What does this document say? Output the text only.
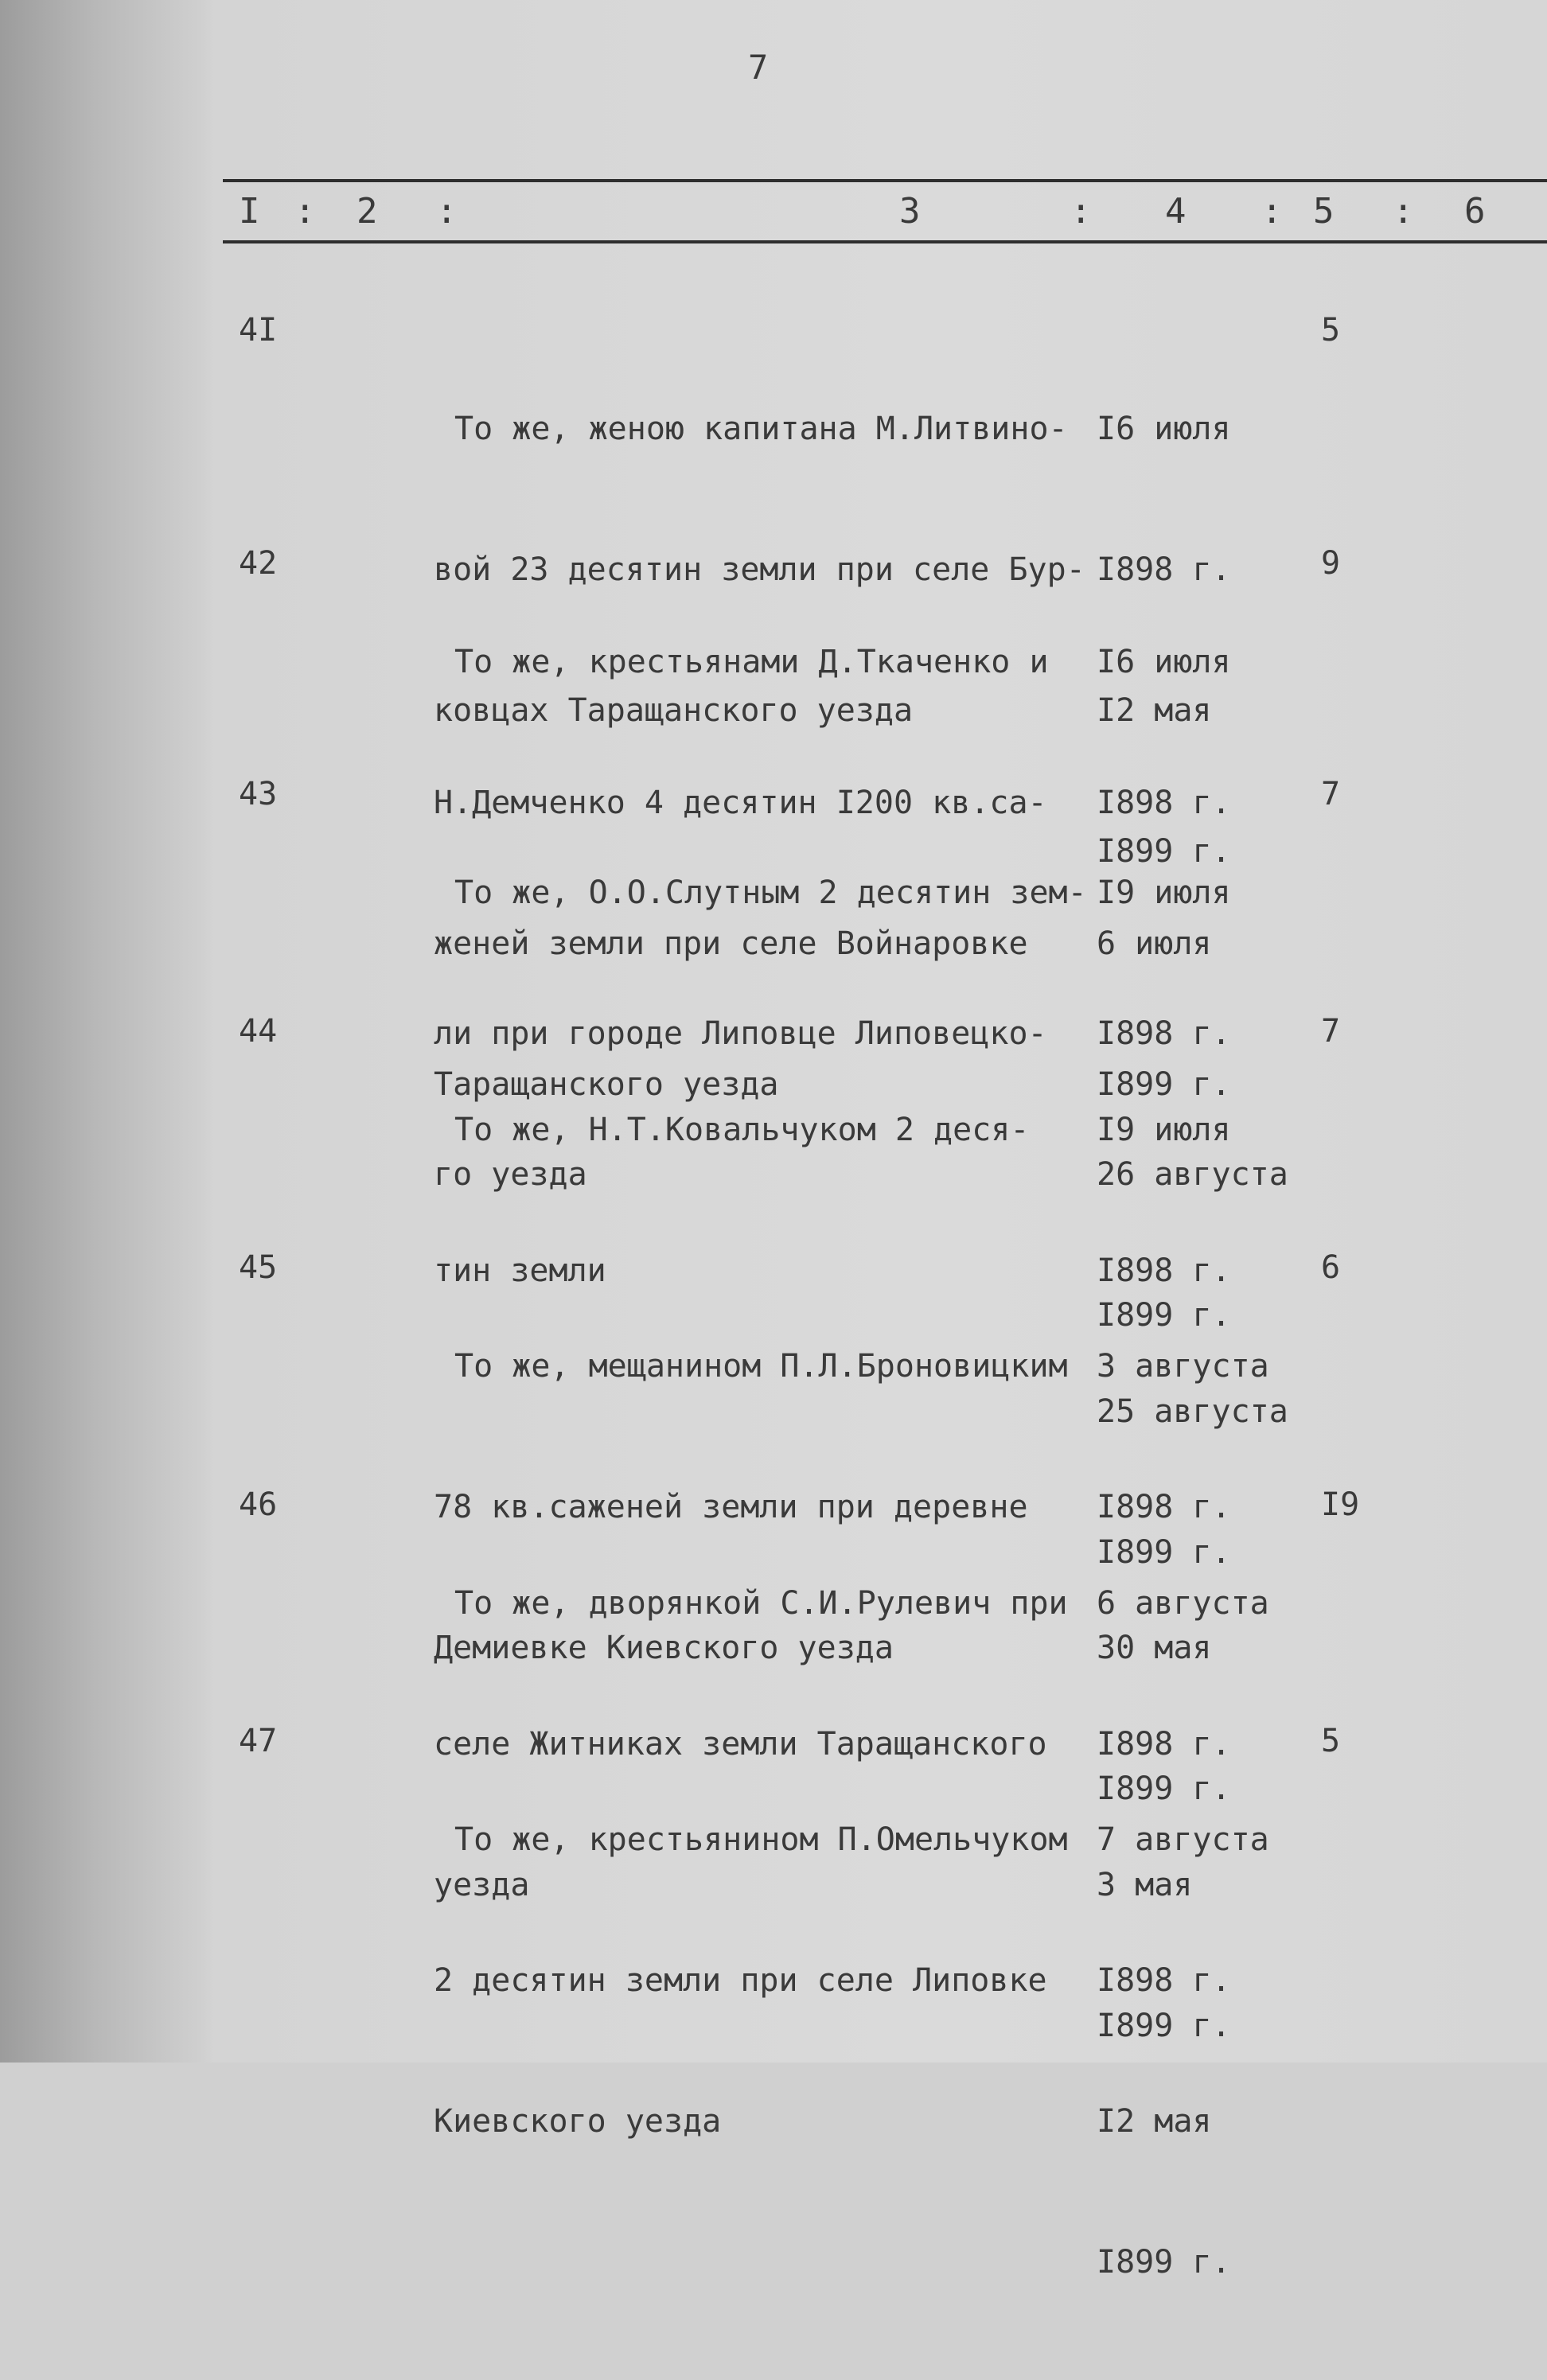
7
I : 2 :	3	: 4 : 5 : 6
4I

То же, женою капитана М.Литвино-

вой 23 десятин земли при селе Бур-

ковцах Таращанского уезда

I6 июля

I898 г.

I2 мая

I899 г.

5
42

То же, крестьянами Д.Ткаченко и

Н.Демченко 4 десятин I200 кв.са-

женей земли при селе Войнаровке

Таращанского уезда

I6 июля

I898 г.

6 июля

I899 г.

9
43

То же, О.О.Слутным 2 десятин зем-

ли при городе Липовце Липовецко-

го уезда

I9 июля

I898 г.

26 августа

I899 г.

7
44

То же, Н.Т.Ковальчуком 2 деся-

тин земли

I9 июля

I898 г.

25 августа

I899 г.

7
45

То же, мещанином П.Л.Броновицким

78 кв.саженей земли при деревне

Демиевке Киевского уезда

3 августа

I898 г.

30 мая

I899 г.

6
46

То же, дворянкой С.И.Рулевич при

селе Житниках земли Таращанского

уезда

6 августа

I898 г.

3 мая

I899 г.

I9
47

То же, крестьянином П.Омельчуком

2 десятин земли при селе Липовке

Киевского уезда

7 августа

I898 г.

I2 мая

I899 г.

5
